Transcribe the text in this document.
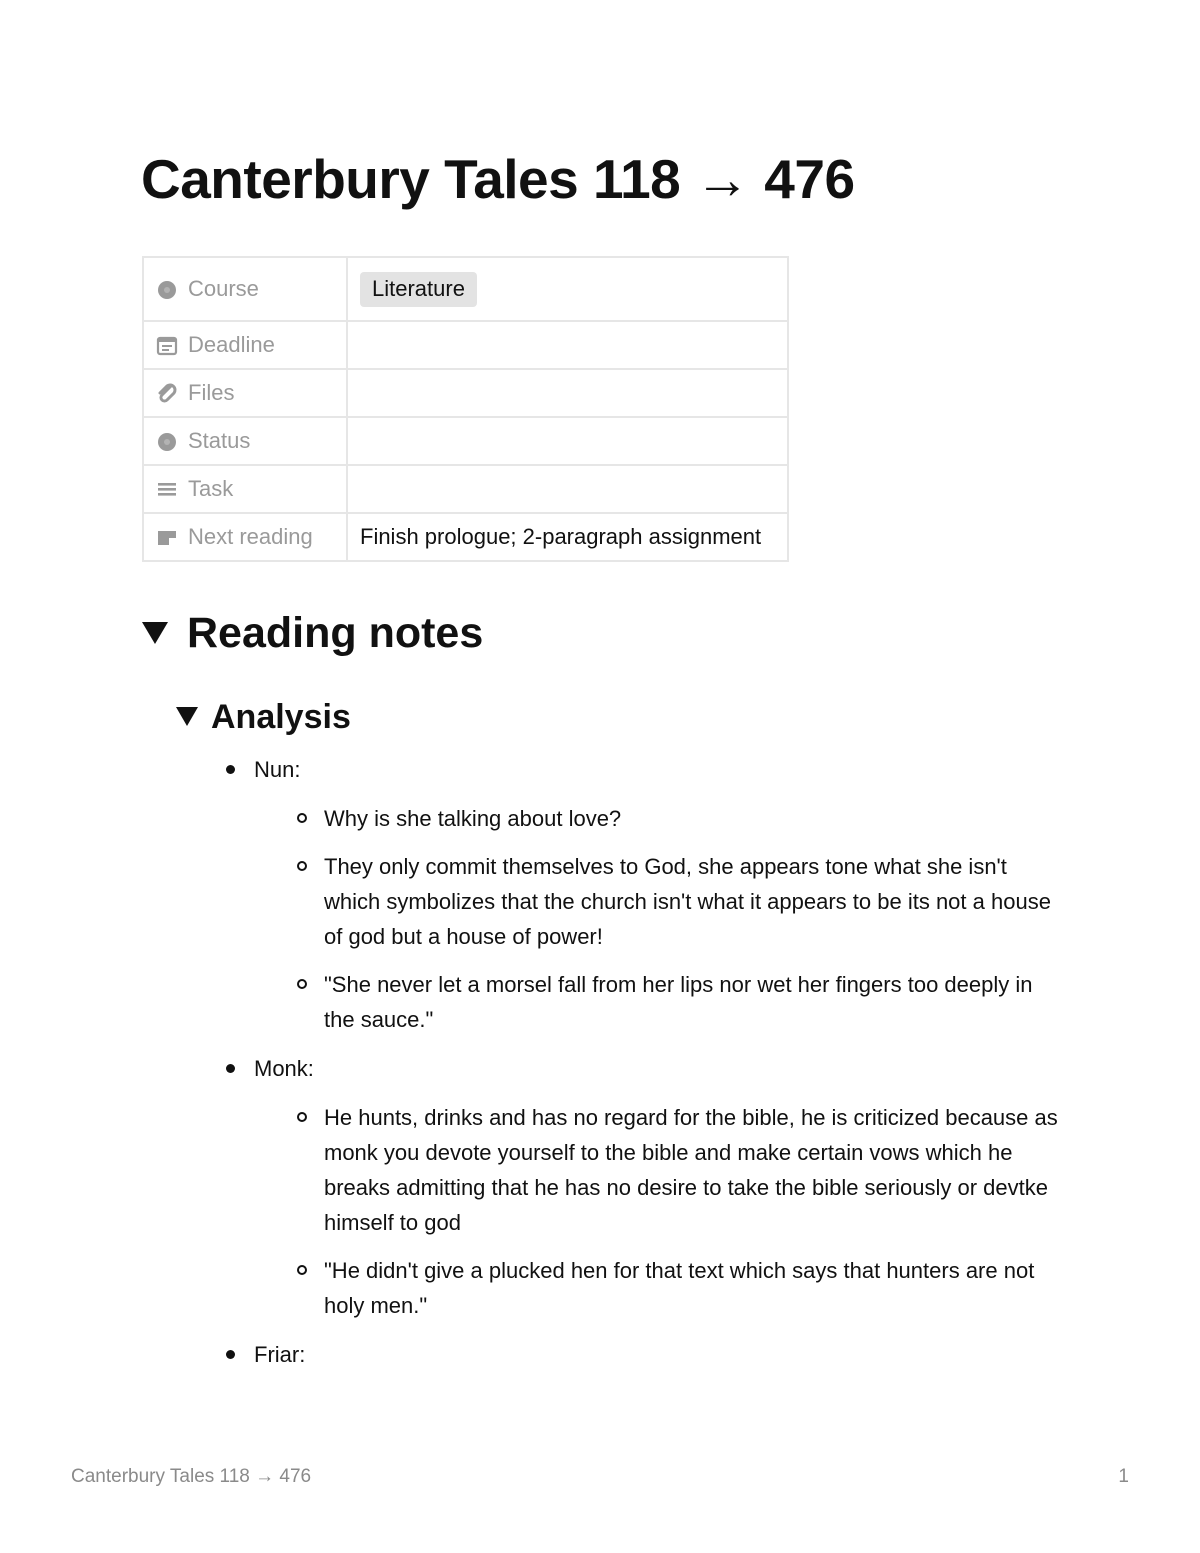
Canterbury Tales 118 → 476
Course	Literature
Deadline	
Files	
Status	
Task	
Next reading	Finish prologue; 2-paragraph assignment
Reading notes
Analysis
Nun:
Why is she talking about love?
They only commit themselves to God, she appears tone what she isn't which symbolizes that the church isn't what it appears to be its not a house of god but a house of power!
"She never let a morsel fall from her lips nor wet her fingers too deeply in the sauce."
Monk:
He hunts, drinks and has no regard for the bible, he is criticized because as monk you devote yourself to the bible and make certain vows which he breaks admitting that he has no desire to take the bible seriously or devtke himself to god
"He didn't give a plucked hen for that text which says that hunters are not holy men."
Friar:
Canterbury Tales 118 → 476	1
